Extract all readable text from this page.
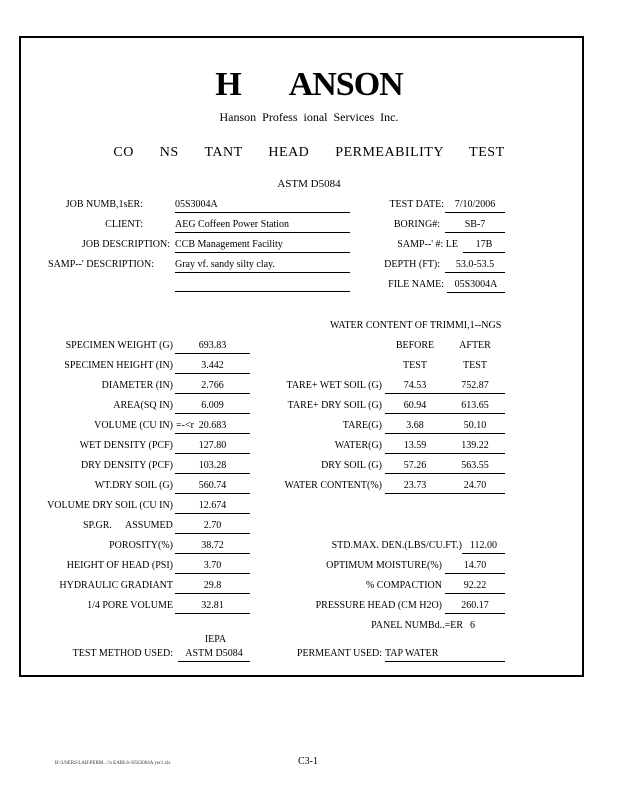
H ANSON
Hanson Profess ional Services Inc.
CO NS TANT HEAD PERMEABILITY TEST
ASTM D5084
JOB NUMB,1sER:	05S3004A
CLIENT:	AEG Coffeen Power Station
JOB DESCRIPTION: CCB Management Facility
SAMP--' DESCRIPTION: Gray vf. sandy silty clay.
TEST DATE:	7/10/2006
BORING#:	SB-7
SAMP--' #: LE	17B
DEPTH (FT):	53.0-53.5
FILE NAME:	05S3004A
WATER CONTENT OF TRIMMI,1--NGS
BEFORE	AFTER
TEST	TEST
SPECIMEN WEIGHT (G)	693.83
SPECIMEN HEIGHT (IN)	3.442
DIAMETER (IN)	2.766
AREA(SQ IN)	6.009
VOLUME (CU IN) =-<r 20.683
WET DENSITY (PCF)	127.80
DRY DENSITY (PCF)	103.28
WT.DRY SOIL (G)	560.74
VOLUME DRY SOIL (CU IN)	12.674
SP.GR. ASSUMED	2.70
POROSITY(%)	38.72
HEIGHT OF HEAD (PSI)	3.70
HYDRAULIC GRADIANT	29.8
1/4 PORE VOLUME	32.81
TARE+ WET SOIL (G)	74.53	752.87
TARE+ DRY SOIL (G)	60.94	613.65
TARE(G)	3.68	50.10
WATER(G)	13.59	139.22
DRY SOIL (G)	57.26	563.55
WATER CONTENT(%)	23.73	24.70
STD.MAX. DEN.(LBS/CU.FT.) 112.00
OPTIMUM MOISTURE(%)	14.70
% COMPACTION	92.22
PRESSURE HEAD (CM H2O)	260.17
PANEL NUMBd..=ER 6
IEPA
TEST METHOD USED:	ASTM D5084	PERMEANT USED: TAP WATER
H:\USERS\LAB\PERM...\'n EABLS-\05S3004A yer1.xls	C3-1
